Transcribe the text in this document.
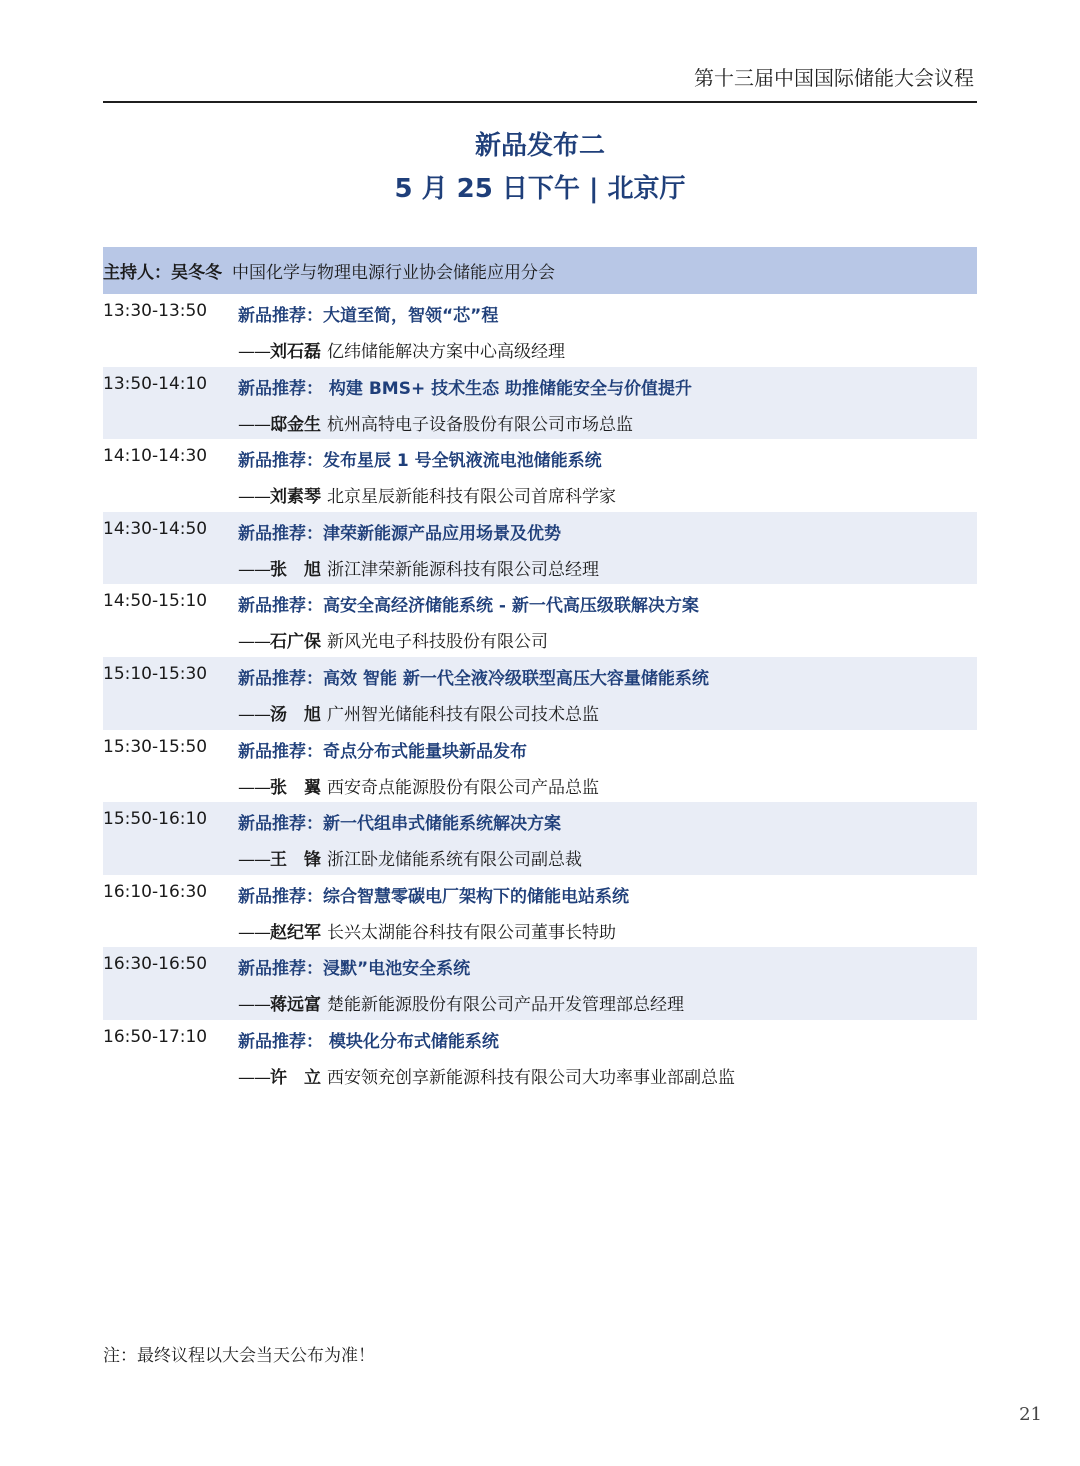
第十三届中国国际储能大会议程
新品发布二
5 月 25 日下午 | 北京厅
主持人：吴冬冬 中国化学与物理电源行业协会储能应用分会
13:30-13:50 新品推荐：大道至简，智领“芯”程
——刘石磊 亿纬储能解决方案中心高级经理
13:50-14:10 新品推荐： 构建 BMS+ 技术生态 助推储能安全与价值提升
——邸金生 杭州高特电子设备股份有限公司市场总监
14:10-14:30 新品推荐：发布星辰 1 号全钒液流电池储能系统
——刘素琴 北京星辰新能科技有限公司首席科学家
14:30-14:50 新品推荐：津荣新能源产品应用场景及优势
——张　旭 浙江津荣新能源科技有限公司总经理
14:50-15:10 新品推荐：高安全高经济储能系统 - 新一代高压级联解决方案
——石广保 新风光电子科技股份有限公司
15:10-15:30 新品推荐：高效 智能 新一代全液冷级联型高压大容量储能系统
——汤　旭 广州智光储能科技有限公司技术总监
15:30-15:50 新品推荐：奇点分布式能量块新品发布
——张　翼 西安奇点能源股份有限公司产品总监
15:50-16:10 新品推荐：新一代组串式储能系统解决方案
——王　锋 浙江卧龙储能系统有限公司副总裁
16:10-16:30 新品推荐：综合智慧零碳电厂架构下的储能电站系统
——赵纪军 长兴太湖能谷科技有限公司董事长特助
16:30-16:50 新品推荐：浸默”电池安全系统
——蒋远富 楚能新能源股份有限公司产品开发管理部总经理
16:50-17:10 新品推荐： 模块化分布式储能系统
——许　立 西安领充创享新能源科技有限公司大功率事业部副总监
注：最终议程以大会当天公布为准！
21
